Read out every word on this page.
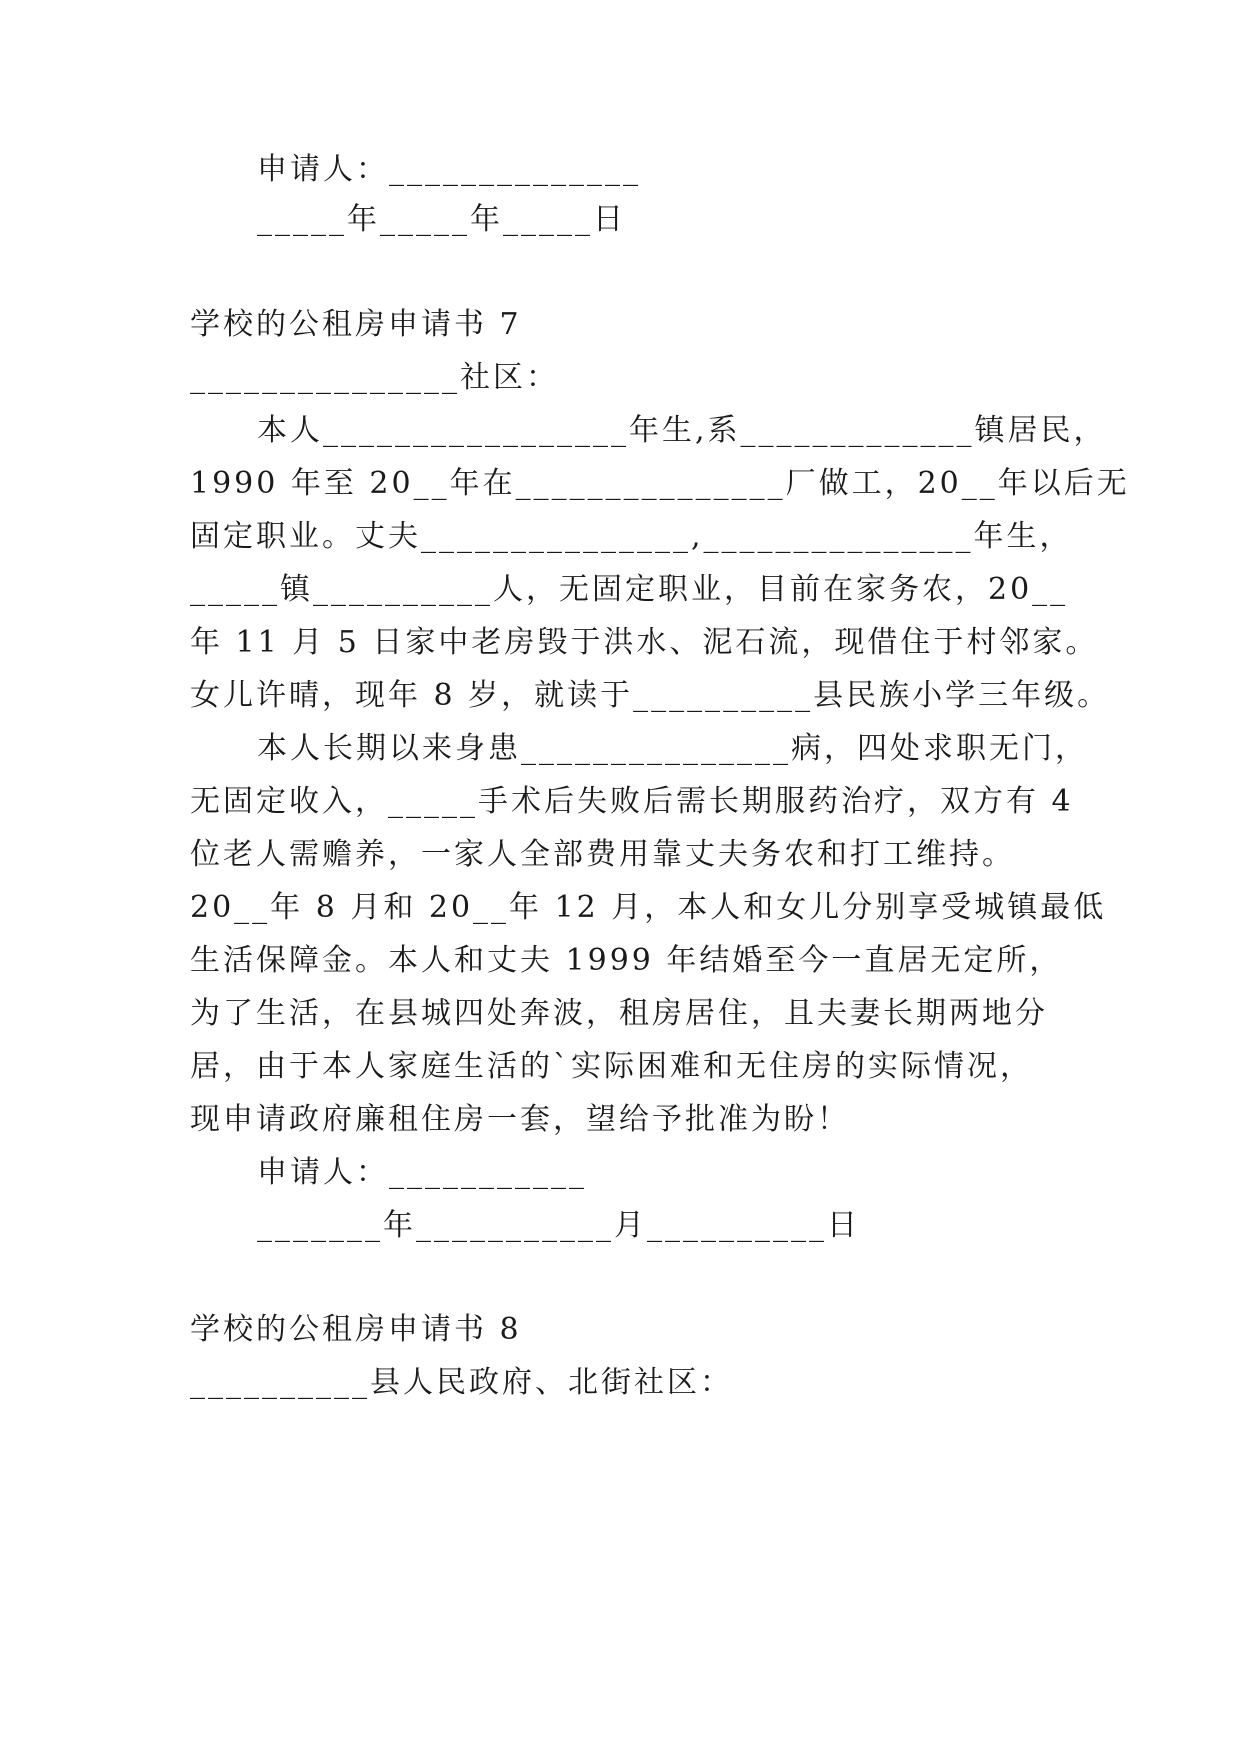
申请人：______________
_____年_____年_____日
学校的公租房申请书 7
_______________社区：
本人_________________年生,系_____________镇居民，
1990 年至 20__年在_______________厂做工，20__年以后无
固定职业。丈夫_______________,_______________年生，
_____镇__________人，无固定职业，目前在家务农，20__
年 11 月 5 日家中老房毁于洪水、泥石流，现借住于村邻家。
女儿许晴，现年 8 岁，就读于__________县民族小学三年级。
本人长期以来身患_______________病，四处求职无门，
无固定收入，_____手术后失败后需长期服药治疗，双方有 4
位老人需赡养，一家人全部费用靠丈夫务农和打工维持。
20__年 8 月和 20__年 12 月，本人和女儿分别享受城镇最低
生活保障金。本人和丈夫 1999 年结婚至今一直居无定所，
为了生活，在县城四处奔波，租房居住，且夫妻长期两地分
居，由于本人家庭生活的`实际困难和无住房的实际情况，
现申请政府廉租住房一套，望给予批准为盼！
申请人：___________
_______年___________月__________日
学校的公租房申请书 8
__________县人民政府、北街社区：
